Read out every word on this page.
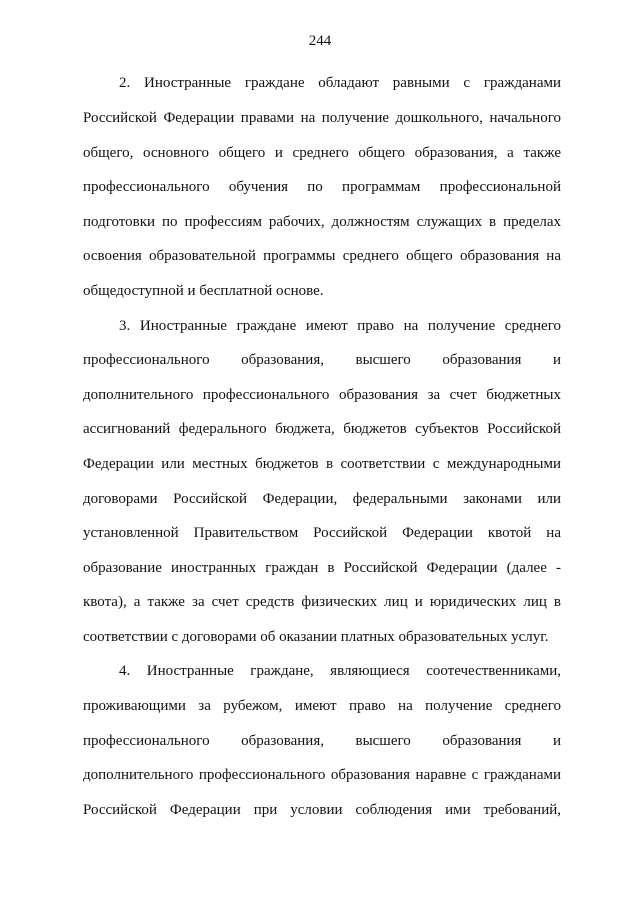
244
2. Иностранные граждане обладают равными с гражданами
Российской Федерации правами на получение дошкольного, начального
общего, основного общего и среднего общего образования, а также
профессионального обучения по программам профессиональной
подготовки по профессиям рабочих, должностям служащих в пределах
освоения образовательной программы среднего общего образования на
общедоступной и бесплатной основе.
3. Иностранные граждане имеют право на получение среднего
профессионального образования, высшего образования и
дополнительного профессионального образования за счет бюджетных
ассигнований федерального бюджета, бюджетов субъектов Российской
Федерации или местных бюджетов в соответствии с международными
договорами Российской Федерации, федеральными законами или
установленной Правительством Российской Федерации квотой на
образование иностранных граждан в Российской Федерации (далее -
квота), а также за счет средств физических лиц и юридических лиц в
соответствии с договорами об оказании платных образовательных услуг.
4. Иностранные граждане, являющиеся соотечественниками,
проживающими за рубежом, имеют право на получение среднего
профессионального образования, высшего образования и
дополнительного профессионального образования наравне с гражданами
Российской Федерации при условии соблюдения ими требований,
